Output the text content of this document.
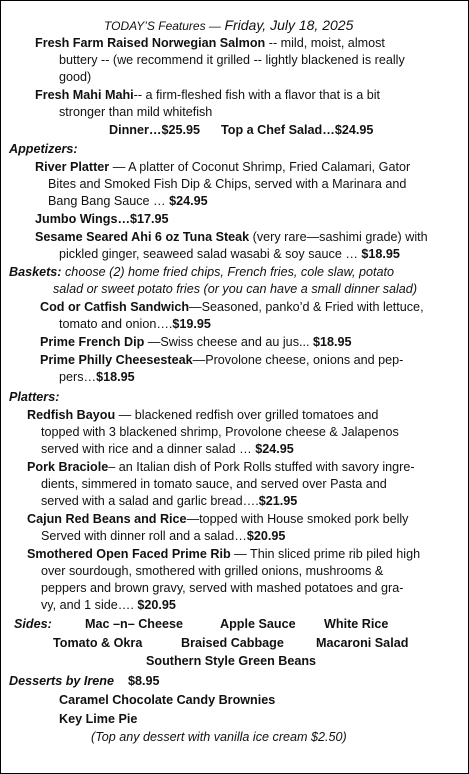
TODAY’S Features — Friday, July 18, 2025
Fresh Farm Raised Norwegian Salmon -- mild, moist, almost
buttery -- (we recommend it grilled -- lightly blackened is really
good)
Fresh Mahi Mahi-- a firm-fleshed fish with a flavor that is a bit
stronger than mild whitefish
Dinner…$25.95 Top a Chef Salad…$24.95
Appetizers:
River Platter — A platter of Coconut Shrimp, Fried Calamari, Gator
Bites and Smoked Fish Dip & Chips, served with a Marinara and
Bang Bang Sauce … $24.95
Jumbo Wings…$17.95
Sesame Seared Ahi 6 oz Tuna Steak (very rare—sashimi grade) with
pickled ginger, seaweed salad wasabi & soy sauce … $18.95
Baskets: choose (2) home fried chips, French fries, cole slaw, potato
salad or sweet potato fries (or you can have a small dinner salad)
Cod or Catfish Sandwich—Seasoned, panko’d & Fried with lettuce,
tomato and onion….$19.95
Prime French Dip —Swiss cheese and au jus... $18.95
Prime Philly Cheesesteak—Provolone cheese, onions and pep-
pers…$18.95
Platters:
Redfish Bayou — blackened redfish over grilled tomatoes and
topped with 3 blackened shrimp, Provolone cheese & Jalapenos
served with rice and a dinner salad … $24.95
Pork Braciole– an Italian dish of Pork Rolls stuffed with savory ingre-
dients, simmered in tomato sauce, and served over Pasta and
served with a salad and garlic bread….$21.95
Cajun Red Beans and Rice—topped with House smoked pork belly
Served with dinner roll and a salad…$20.95
Smothered Open Faced Prime Rib — Thin sliced prime rib piled high
over sourdough, smothered with grilled onions, mushrooms &
peppers and brown gravy, served with mashed potatoes and gra-
vy, and 1 side…. $20.95
Sides:	Mac –n– Cheese	Apple Sauce White Rice
Tomato & Okra	Braised Cabbage	Macaroni Salad
Southern Style Green Beans
Desserts by Irene $8.95
Caramel Chocolate Candy Brownies
Key Lime Pie
(Top any dessert with vanilla ice cream $2.50)
